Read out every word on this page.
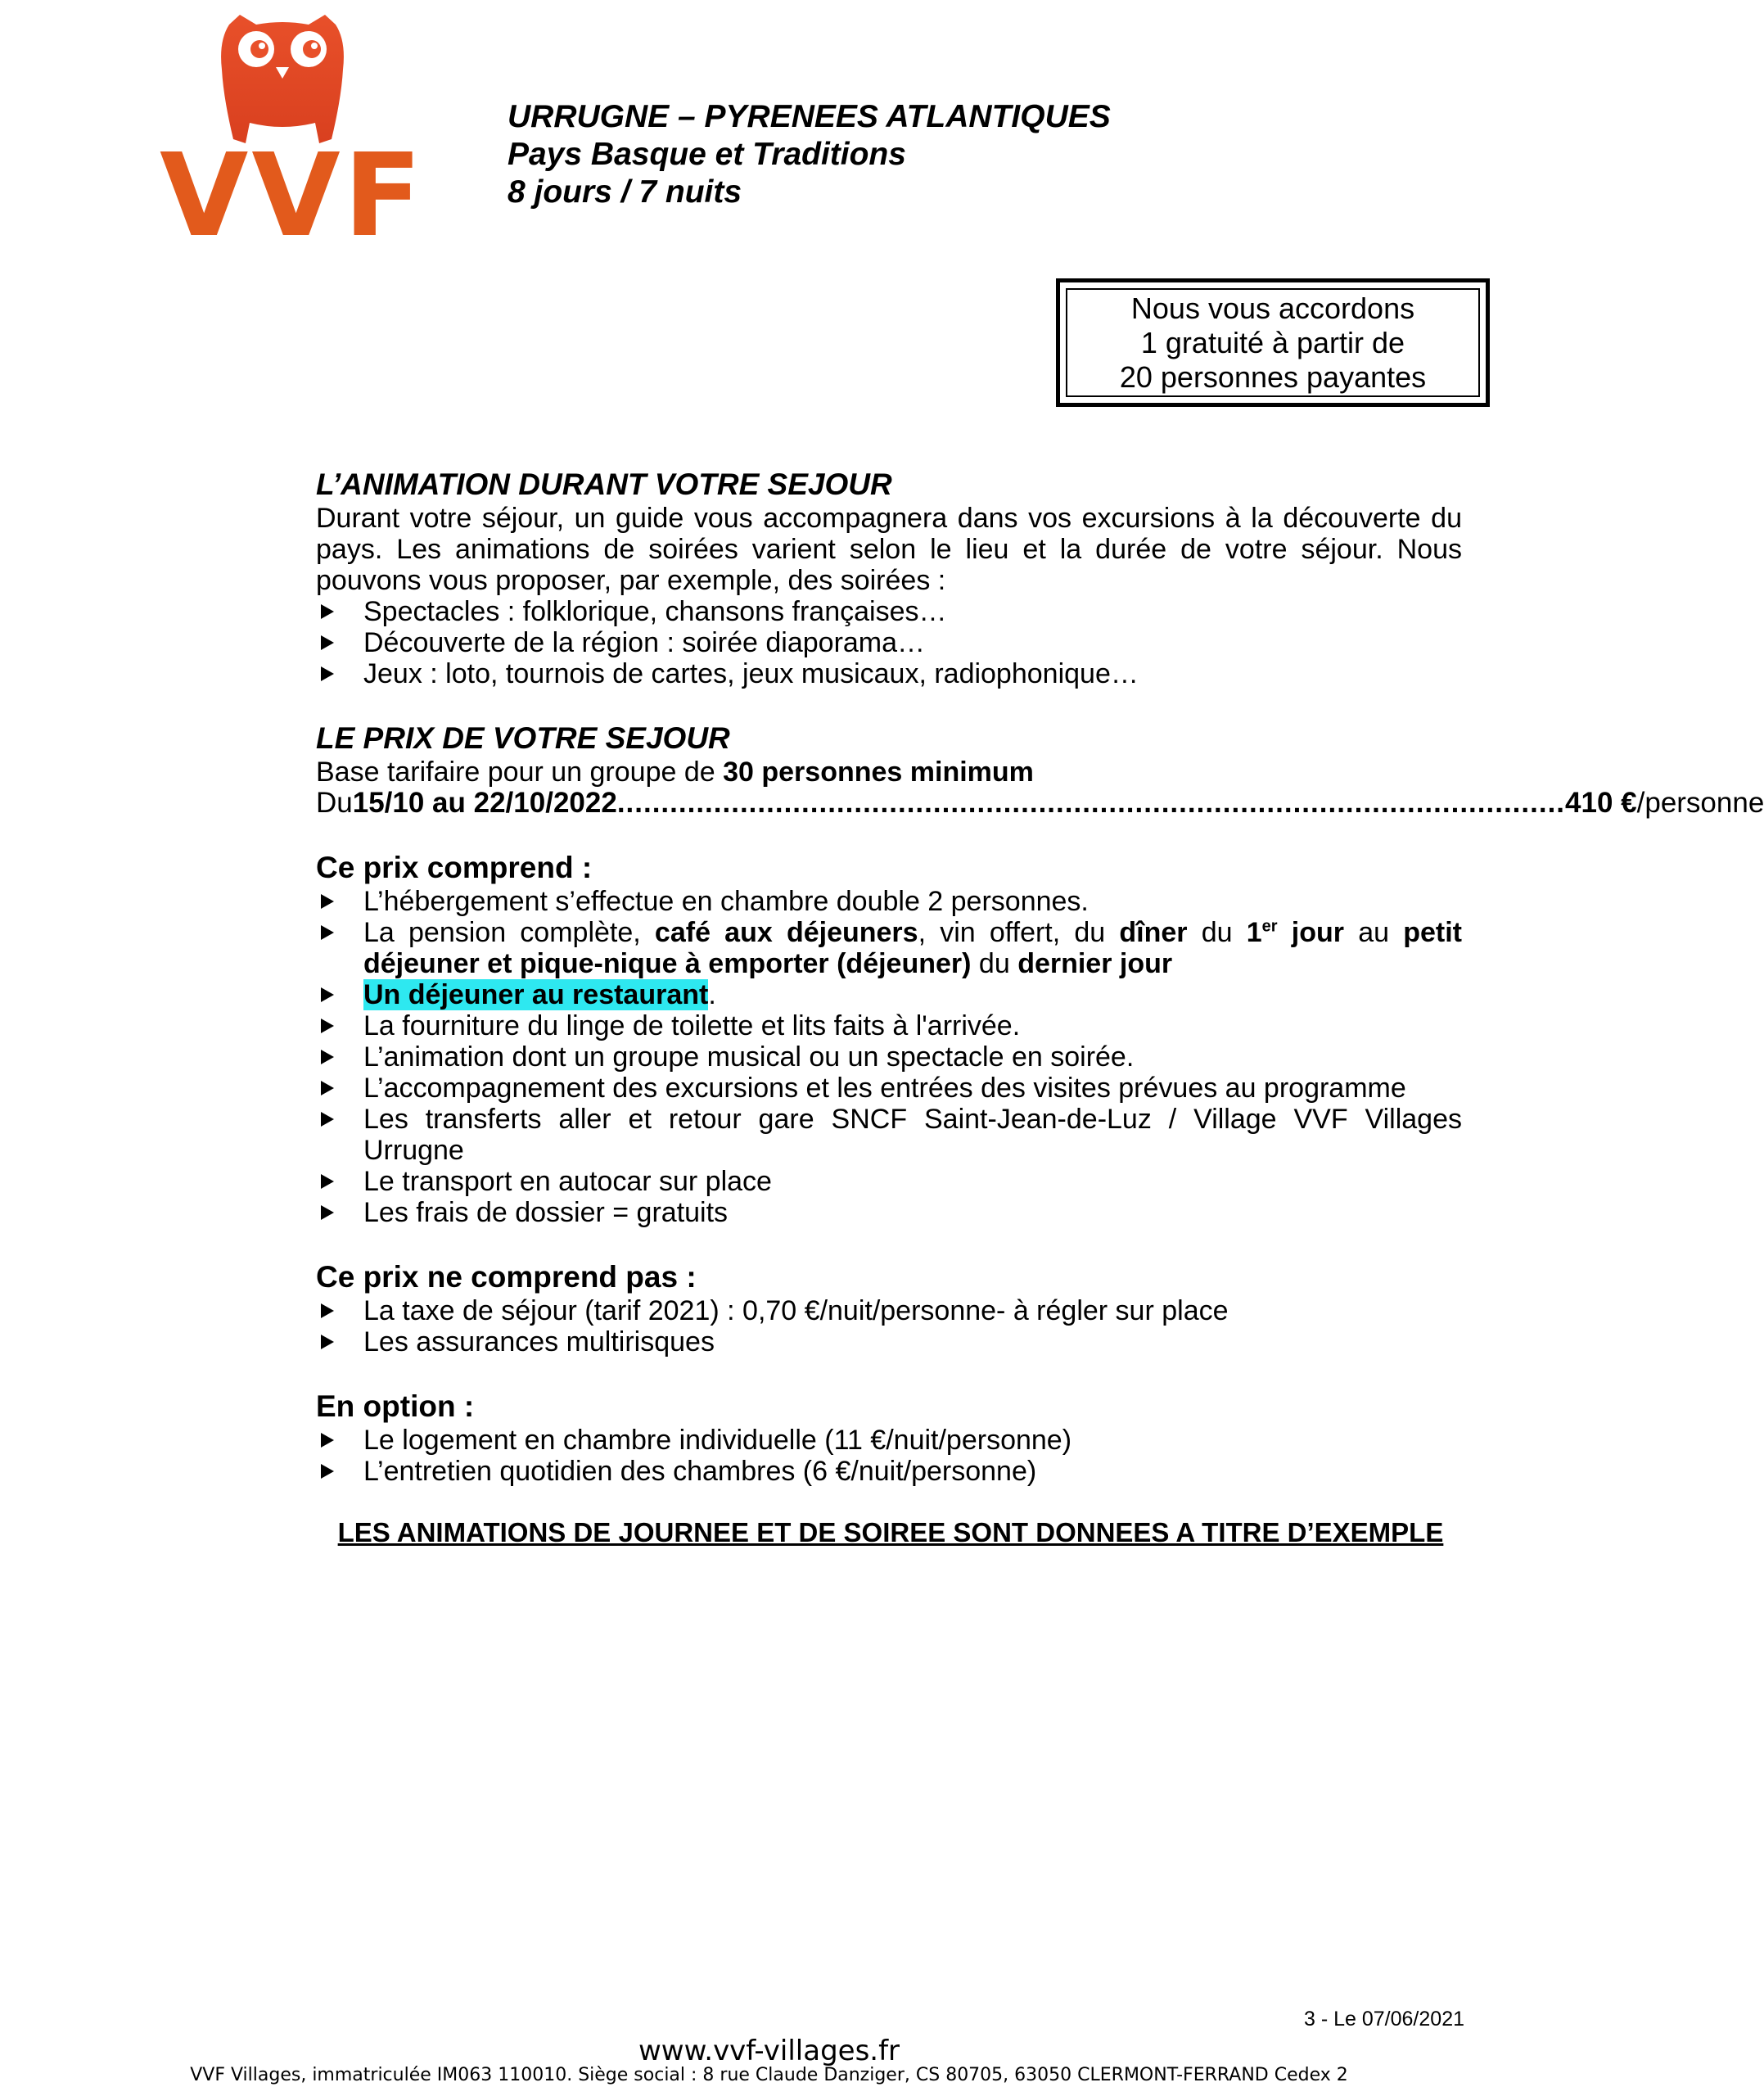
VVF
URRUGNE – PYRENEES ATLANTIQUES
Pays Basque et Traditions
8 jours / 7 nuits
Nous vous accordons
1 gratuité à partir de
20 personnes payantes
L’ANIMATION DURANT VOTRE SEJOUR
Durant votre séjour, un guide vous accompagnera dans vos excursions à la découverte du pays. Les animations de soirées varient selon le lieu et la durée de votre séjour. Nous pouvons vous proposer, par exemple, des soirées :
Spectacles : folklorique, chansons françaises…
Découverte de la région : soirée diaporama…
Jeux : loto, tournois de cartes, jeux musicaux, radiophonique…
LE PRIX DE VOTRE SEJOUR
Base tarifaire pour un groupe de 30 personnes minimum
Du 15/10 au 22/10/2022 ............................................................................................................ 410 € /personne
Ce prix comprend :
L’hébergement s’effectue en chambre double 2 personnes.
La pension complète, café aux déjeuners, vin offert, du dîner du 1er jour au petit déjeuner et pique-nique à emporter (déjeuner) du dernier jour
Un déjeuner au restaurant.
La fourniture du linge de toilette et lits faits à l'arrivée.
L’animation dont un groupe musical ou un spectacle en soirée.
L’accompagnement des excursions et les entrées des visites prévues au programme
Les transferts aller et retour gare SNCF Saint-Jean-de-Luz / Village VVF Villages Urrugne
Le transport en autocar sur place
Les frais de dossier = gratuits
Ce prix ne comprend pas :
La taxe de séjour (tarif 2021) : 0,70 €/nuit/personne- à régler sur place
Les assurances multirisques
En option :
Le logement en chambre individuelle (11 €/nuit/personne)
L’entretien quotidien des chambres (6 €/nuit/personne)
LES ANIMATIONS DE JOURNEE ET DE SOIREE SONT DONNEES A TITRE D’EXEMPLE
3 - Le 07/06/2021
www.vvf-villages.fr
VVF Villages, immatriculée IM063 110010. Siège social : 8 rue Claude Danziger, CS 80705, 63050 CLERMONT-FERRAND Cedex 2
